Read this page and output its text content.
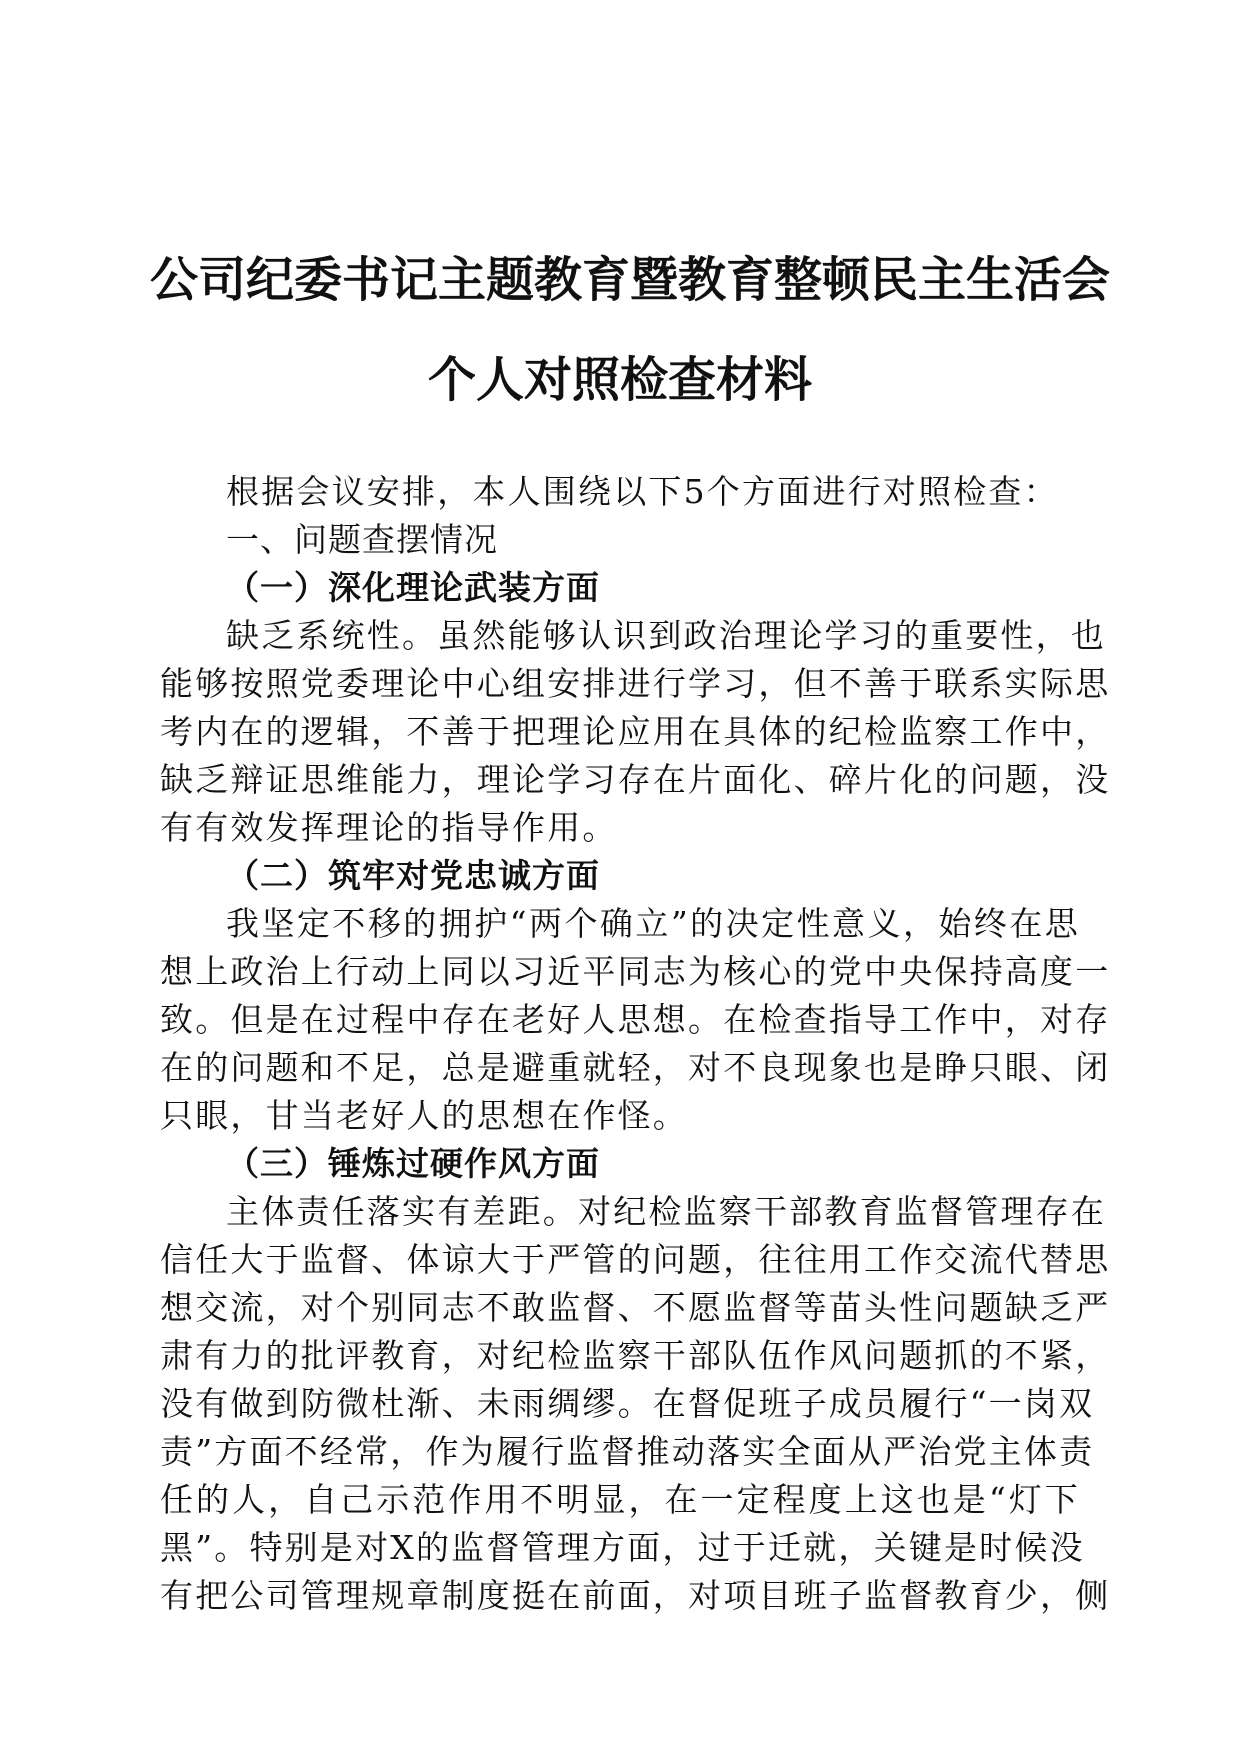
公司纪委书记主题教育暨教育整顿民主生活会
个人对照检查材料

根据会议安排，本人围绕以下5个方面进行对照检查：

一、问题查摆情况

（一）深化理论武装方面

缺乏系统性。虽然能够认识到政治理论学习的重要性，也

能够按照党委理论中心组安排进行学习，但不善于联系实际思

考内在的逻辑，不善于把理论应用在具体的纪检监察工作中，

缺乏辩证思维能力，理论学习存在片面化、碎片化的问题，没

有有效发挥理论的指导作用。

（二）筑牢对党忠诚方面

我坚定不移的拥护“两个确立”的决定性意义，始终在思

想上政治上行动上同以习近平同志为核心的党中央保持高度一

致。但是在过程中存在老好人思想。在检查指导工作中，对存

在的问题和不足，总是避重就轻，对不良现象也是睁只眼、闭

只眼，甘当老好人的思想在作怪。

（三）锤炼过硬作风方面

主体责任落实有差距。对纪检监察干部教育监督管理存在

信任大于监督、体谅大于严管的问题，往往用工作交流代替思

想交流，对个别同志不敢监督、不愿监督等苗头性问题缺乏严

肃有力的批评教育，对纪检监察干部队伍作风问题抓的不紧，

没有做到防微杜渐、未雨绸缪。在督促班子成员履行“一岗双

责”方面不经常，作为履行监督推动落实全面从严治党主体责

任的人，自己示范作用不明显，在一定程度上这也是“灯下

黑”。特别是对X的监督管理方面，过于迁就，关键是时候没

有把公司管理规章制度挺在前面，对项目班子监督教育少，侧
